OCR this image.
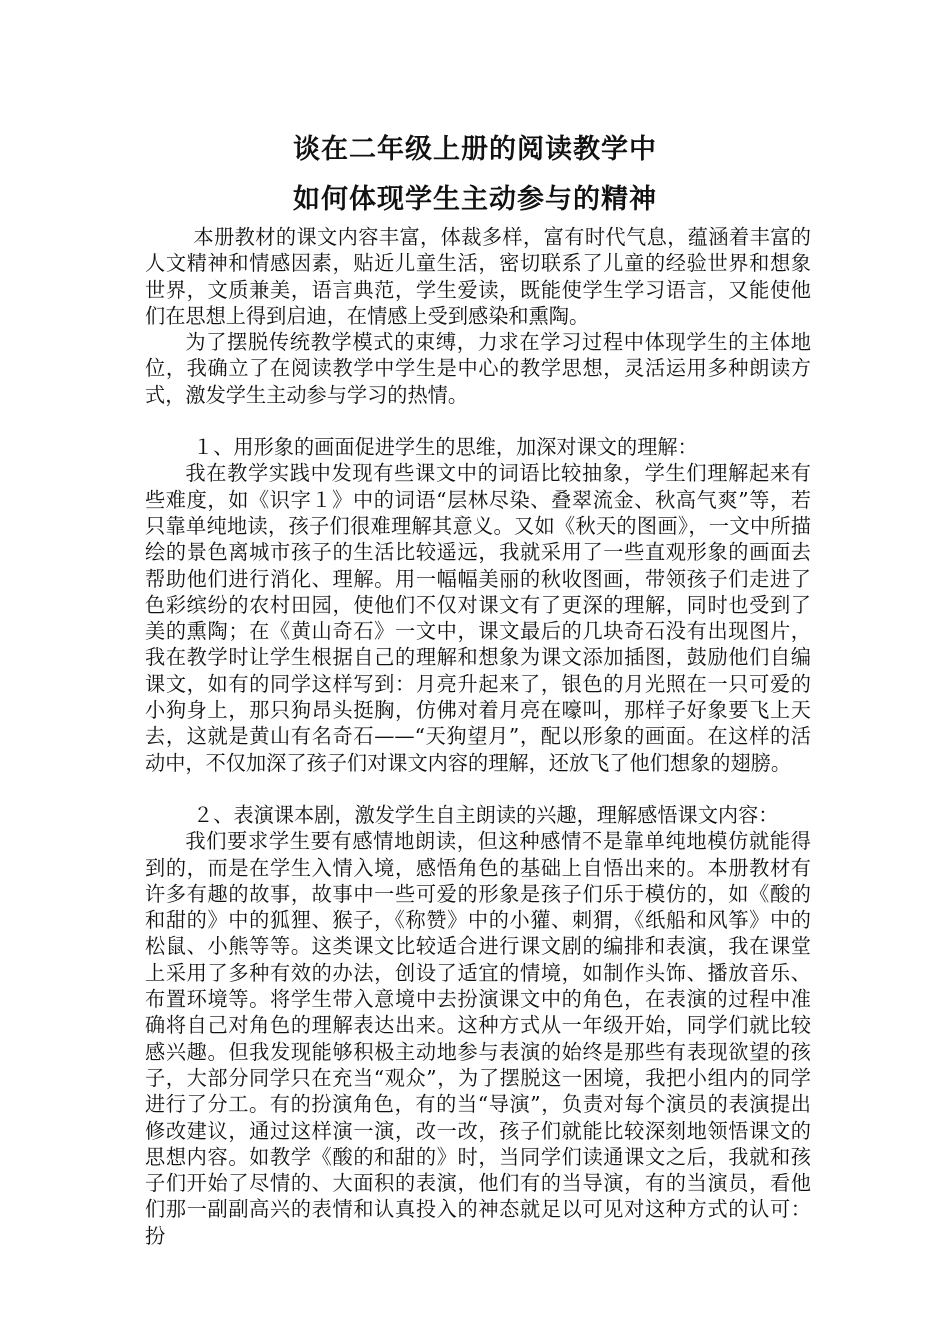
谈在二年级上册的阅读教学中
如何体现学生主动参与的精神

本册教材的课文内容丰富，体裁多样，富有时代气息，蕴涵着丰富的人文精神和情感因素，贴近儿童生活，密切联系了儿童的经验世界和想象世界，文质兼美，语言典范，学生爱读，既能使学生学习语言，又能使他们在思想上得到启迪，在情感上受到感染和熏陶。

为了摆脱传统教学模式的束缚，力求在学习过程中体现学生的主体地位，我确立了在阅读教学中学生是中心的教学思想，灵活运用多种朗读方式，激发学生主动参与学习的热情。

１、用形象的画面促进学生的思维，加深对课文的理解：

我在教学实践中发现有些课文中的词语比较抽象，学生们理解起来有些难度，如《识字１》中的词语“层林尽染、叠翠流金、秋高气爽”等，若只靠单纯地读，孩子们很难理解其意义。又如《秋天的图画》，一文中所描绘的景色离城市孩子的生活比较遥远，我就采用了一些直观形象的画面去帮助他们进行消化、理解。用一幅幅美丽的秋收图画，带领孩子们走进了色彩缤纷的农村田园，使他们不仅对课文有了更深的理解，同时也受到了美的熏陶；在《黄山奇石》一文中，课文最后的几块奇石没有出现图片，我在教学时让学生根据自己的理解和想象为课文添加插图，鼓励他们自编课文，如有的同学这样写到：月亮升起来了，银色的月光照在一只可爱的小狗身上，那只狗昂头挺胸，仿佛对着月亮在嚎叫，那样子好象要飞上天去，这就是黄山有名奇石——“天狗望月”，配以形象的画面。在这样的活动中，不仅加深了孩子们对课文内容的理解，还放飞了他们想象的翅膀。

２、表演课本剧，激发学生自主朗读的兴趣，理解感悟课文内容：

我们要求学生要有感情地朗读，但这种感情不是靠单纯地模仿就能得到的，而是在学生入情入境，感悟角色的基础上自悟出来的。本册教材有许多有趣的故事，故事中一些可爱的形象是孩子们乐于模仿的，如《酸的和甜的》中的狐狸、猴子，《称赞》中的小獾、刺猬，《纸船和风筝》中的松鼠、小熊等等。这类课文比较适合进行课文剧的编排和表演，我在课堂上采用了多种有效的办法，创设了适宜的情境，如制作头饰、播放音乐、布置环境等。将学生带入意境中去扮演课文中的角色，在表演的过程中准确将自己对角色的理解表达出来。这种方式从一年级开始，同学们就比较感兴趣。但我发现能够积极主动地参与表演的始终是那些有表现欲望的孩子，大部分同学只在充当“观众”，为了摆脱这一困境，我把小组内的同学进行了分工。有的扮演角色，有的当“导演”，负责对每个演员的表演提出修改建议，通过这样演一演，改一改，孩子们就能比较深刻地领悟课文的思想内容。如教学《酸的和甜的》时，当同学们读通课文之后，我就和孩子们开始了尽情的、大面积的表演，他们有的当导演，有的当演员，看他们那一副副高兴的表情和认真投入的神态就足以可见对这种方式的认可：扮
